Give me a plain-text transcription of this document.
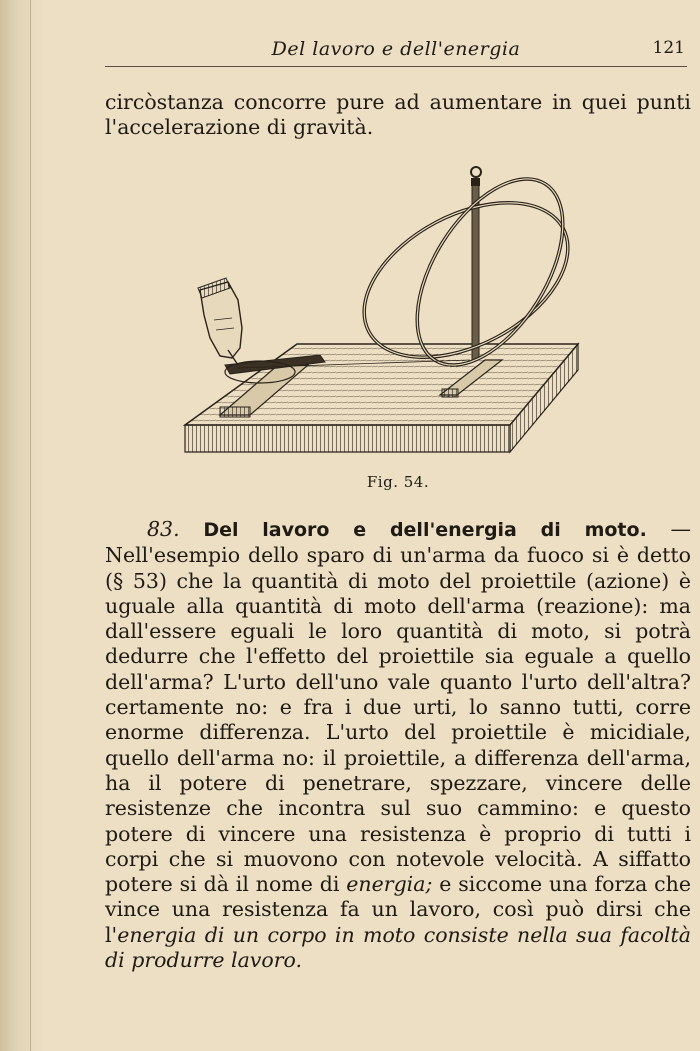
Del lavoro e dell'energia	121

circòstanza concorre pure ad aumentare in quei punti l'accelerazione di gravità.

Fig. 54.

83. Del lavoro e dell'energia di moto. — Nell'esempio dello sparo di un'arma da fuoco si è detto (§ 53) che la quantità di moto del proiettile (azione) è uguale alla quantità di moto dell'arma (reazione): ma dall'essere eguali le loro quantità di moto, si potrà dedurre che l'effetto del proiettile sia eguale a quello dell'arma? L'urto dell'uno vale quanto l'urto dell'altra? certamente no: e fra i due urti, lo sanno tutti, corre enorme differenza. L'urto del proiettile è micidiale, quello dell'arma no: il proiettile, a differenza dell'arma, ha il potere di penetrare, spezzare, vincere delle resistenze che incontra sul suo cammino: e questo potere di vincere una resistenza è proprio di tutti i corpi che si muovono con notevole velocità. A siffatto potere si dà il nome di energia; e siccome una forza che vince una resistenza fa un lavoro, così può dirsi che l'energia di un corpo in moto consiste nella sua facoltà di produrre lavoro.
